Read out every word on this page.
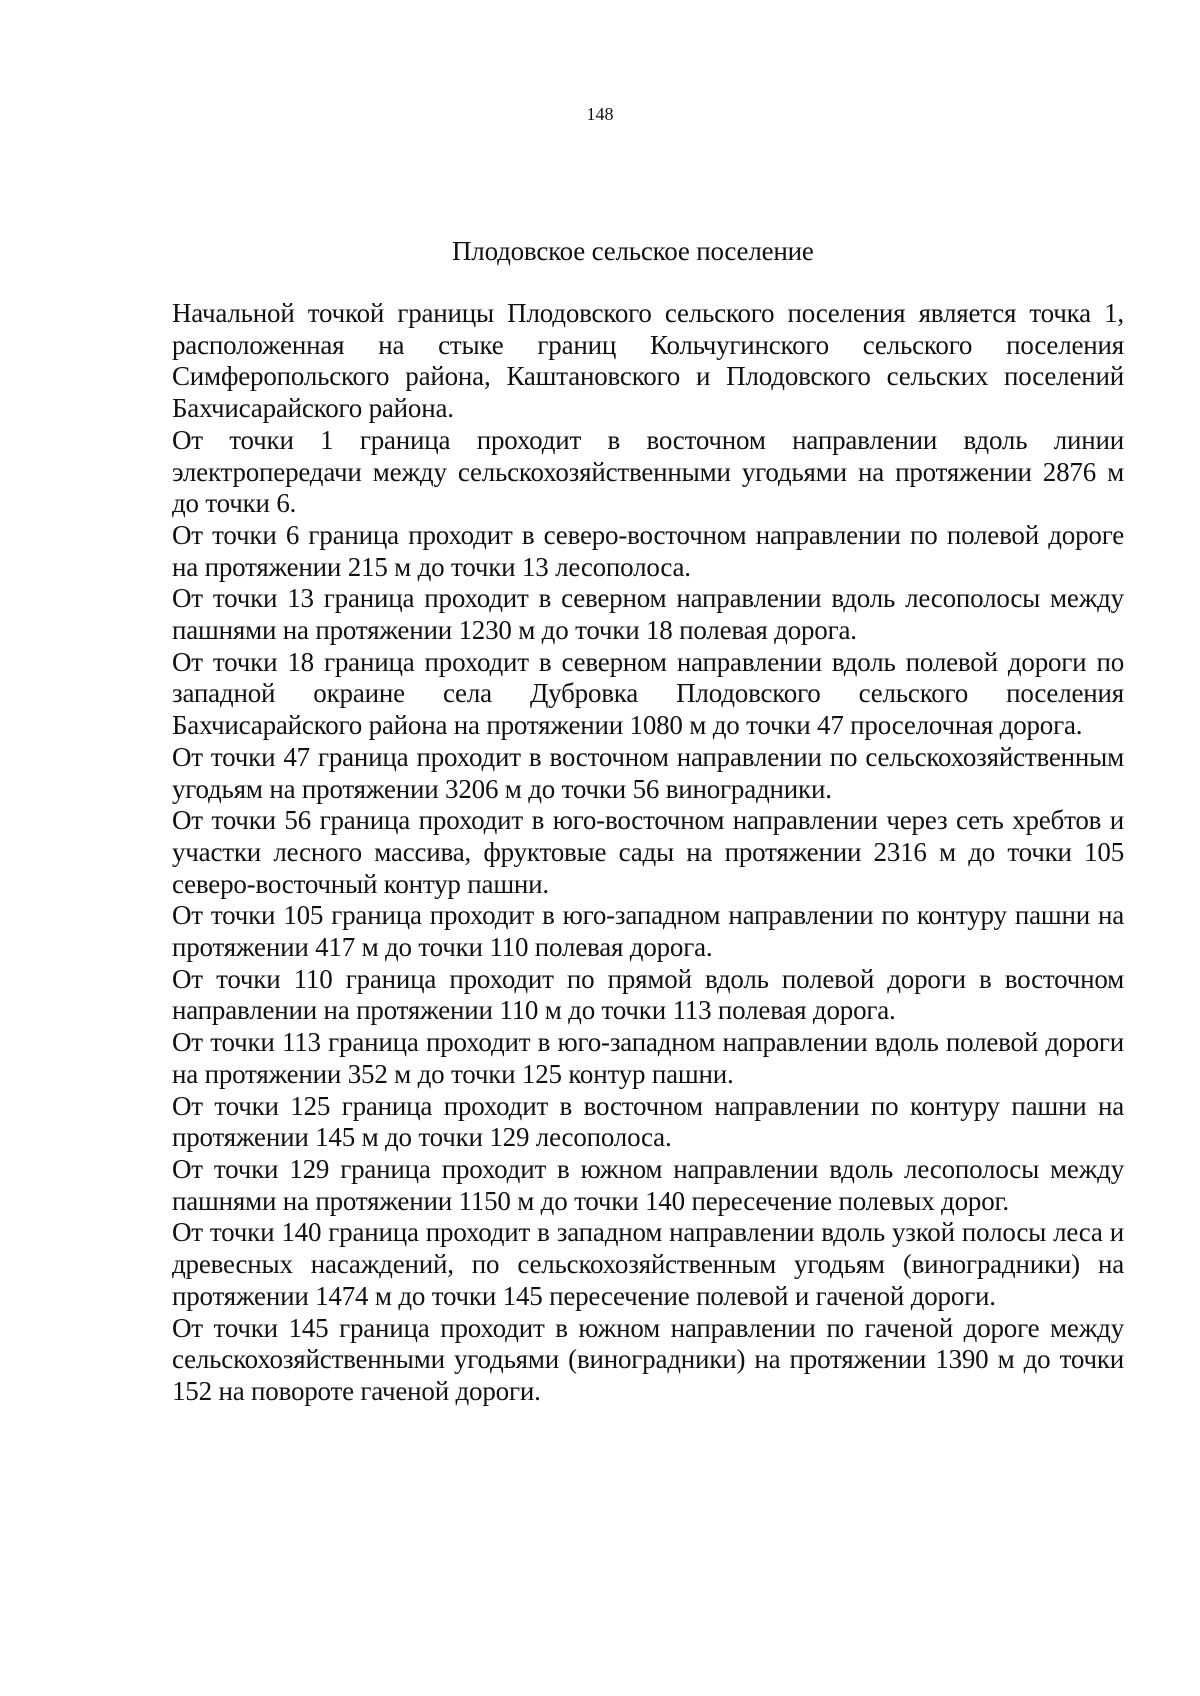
148
Плодовское сельское поселение

Начальной точкой границы Плодовского сельского поселения является точка 1, расположенная на стыке границ Кольчугинского сельского поселения Симферопольского района, Каштановского и Плодовского сельских поселений Бахчисарайского района.

От точки 1 граница проходит в восточном направлении вдоль линии электропередачи между сельскохозяйственными угодьями на протяжении 2876 м до точки 6.

От точки 6 граница проходит в северо-восточном направлении по полевой дороге на протяжении 215 м до точки 13 лесополоса.

От точки 13 граница проходит в северном направлении вдоль лесополосы между пашнями на протяжении 1230 м до точки 18 полевая дорога.

От точки 18 граница проходит в северном направлении вдоль полевой дороги по западной окраине села Дубровка Плодовского сельского поселения Бахчисарайского района на протяжении 1080 м до точки 47 проселочная дорога.

От точки 47 граница проходит в восточном направлении по сельскохозяйственным угодьям на протяжении 3206 м до точки 56 виноградники.

От точки 56 граница проходит в юго-восточном направлении через сеть хребтов и участки лесного массива, фруктовые сады на протяжении 2316 м до точки 105 северо-восточный контур пашни.

От точки 105 граница проходит в юго-западном направлении по контуру пашни на протяжении 417 м до точки 110 полевая дорога.

От точки 110 граница проходит по прямой вдоль полевой дороги в восточном направлении на протяжении 110 м до точки 113 полевая дорога.

От точки 113 граница проходит в юго-западном направлении вдоль полевой дороги на протяжении 352 м до точки 125 контур пашни.

От точки 125 граница проходит в восточном направлении по контуру пашни на протяжении 145 м до точки 129 лесополоса.

От точки 129 граница проходит в южном направлении вдоль лесополосы между пашнями на протяжении 1150 м до точки 140 пересечение полевых дорог.

От точки 140 граница проходит в западном направлении вдоль узкой полосы леса и древесных насаждений, по сельскохозяйственным угодьям (виноградники) на протяжении 1474 м до точки 145 пересечение полевой и гаченой дороги.

От точки 145 граница проходит в южном направлении по гаченой дороге между сельскохозяйственными угодьями (виноградники) на протяжении 1390 м до точки 152 на повороте гаченой дороги.
